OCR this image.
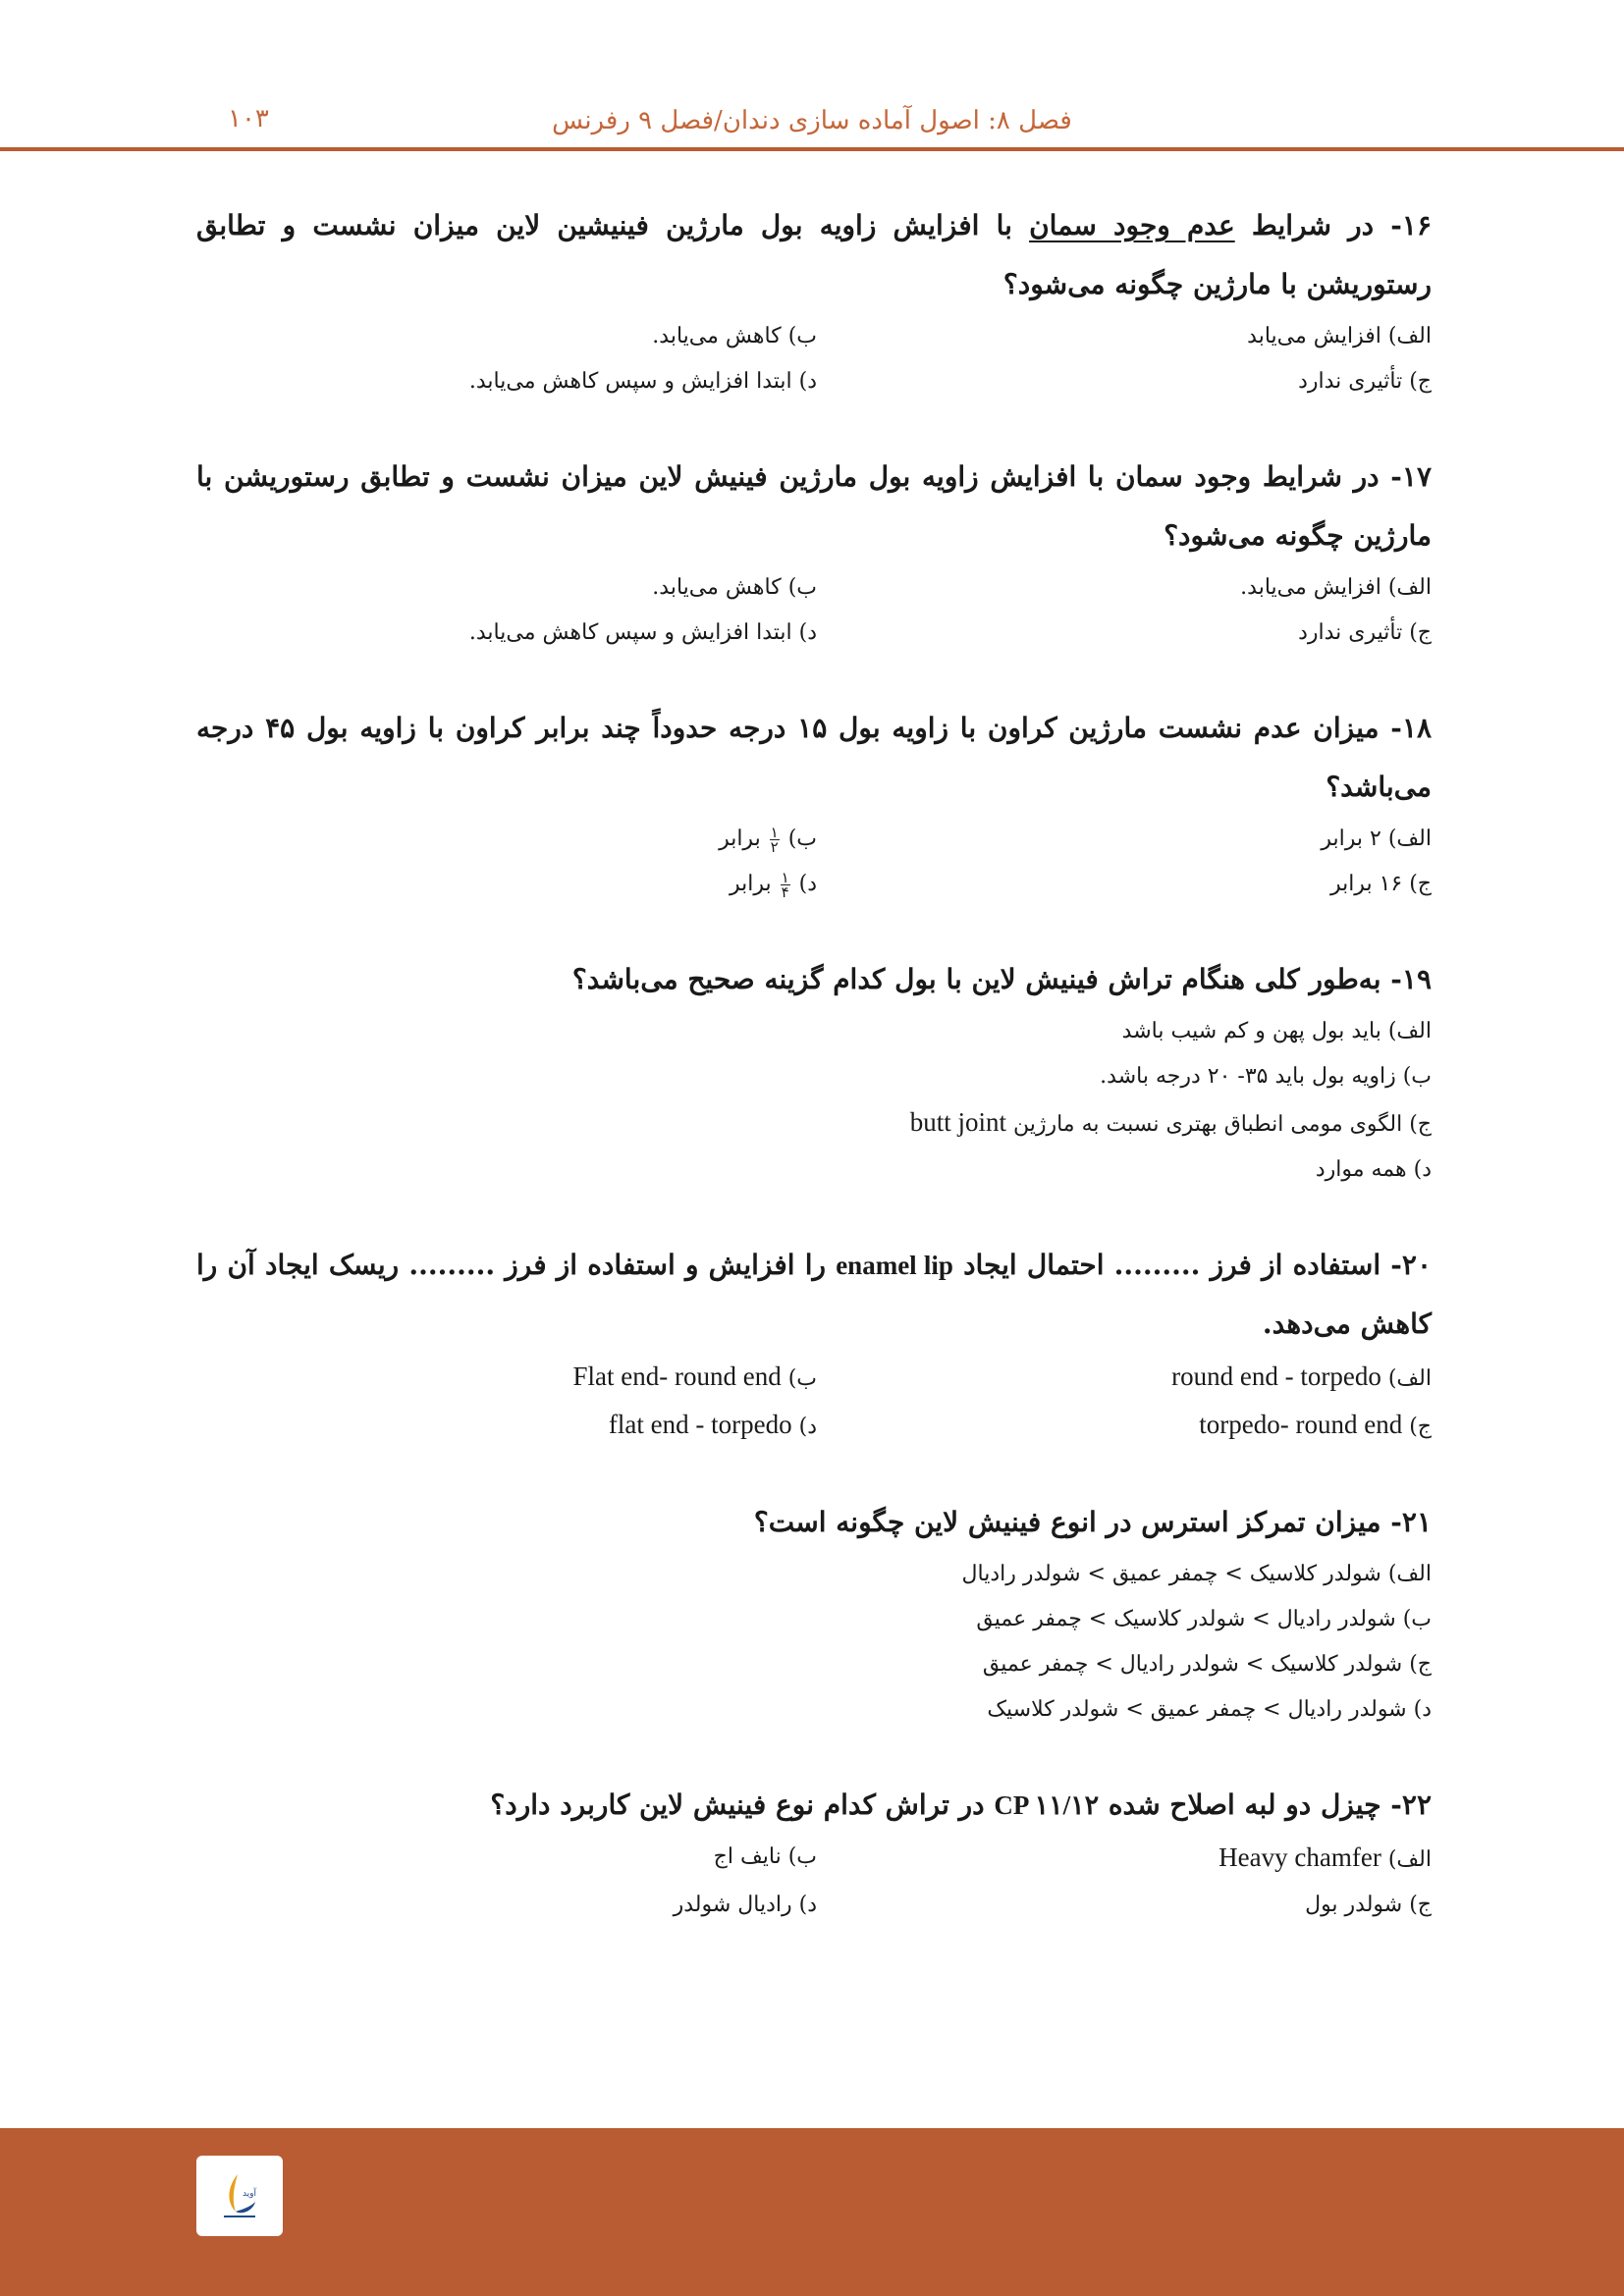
۱۰۳	فصل ۸: اصول آماده سازی دندان/فصل ۹ رفرنس
۱۶- در شرایط عدم وجود سمان با افزایش زاویه بول مارژین فینیشین لاین میزان نشست و تطابق رستوریشن با مارژین چگونه می‌شود؟
الف) افزایش می‌یابد
ب) کاهش می‌یابد.
ج) تأثیری ندارد
د) ابتدا افزایش و سپس کاهش می‌یابد.
۱۷- در شرایط وجود سمان با افزایش زاویه بول مارژین فینیش لاین میزان نشست و تطابق رستوریشن با مارژین چگونه می‌شود؟
الف) افزایش می‌یابد.
ب) کاهش می‌یابد.
ج) تأثیری ندارد
د) ابتدا افزایش و سپس کاهش می‌یابد.
۱۸- میزان عدم نشست مارژین کراون با زاویه بول ۱۵ درجه حدوداً چند برابر کراون با زاویه بول ۴۵ درجه می‌باشد؟
الف) ۲ برابر
ب)
$\frac{۱}{۲}$
برابر
ج) ۱۶ برابر
د)
$\frac{۱}{۴}$
برابر
۱۹- به‌طور کلی هنگام تراش فینیش لاین با بول کدام گزینه صحیح می‌باشد؟
الف) باید بول پهن و کم شیب باشد
ب) زاویه بول باید ۳۵- ۲۰ درجه باشد.
ج) الگوی مومی انطباق بهتری نسبت به مارژین butt joint
د) همه موارد
۲۰- استفاده از فرز ......... احتمال ایجاد enamel lip را افزایش و استفاده از فرز ......... ریسک ایجاد آن را کاهش می‌دهد.
الف) round end - torpedo
ب) Flat end- round end
ج) torpedo- round end
د) flat end - torpedo
۲۱- میزان تمرکز استرس در انوع فینیش لاین چگونه است؟
الف) شولدر کلاسیک > چمفر عمیق > شولدر رادیال
ب) شولدر رادیال > شولدر کلاسیک > چمفر عمیق
ج) شولدر کلاسیک > شولدر رادیال > چمفر عمیق
د) شولدر رادیال > چمفر عمیق > شولدر کلاسیک
۲۲- چیزل دو لبه اصلاح شده CP ۱۱/۱۲ در تراش کدام نوع فینیش لاین کاربرد دارد؟
الف) Heavy chamfer
ب) نایف اج
ج) شولدر بول
د) رادیال شولدر
آوید
